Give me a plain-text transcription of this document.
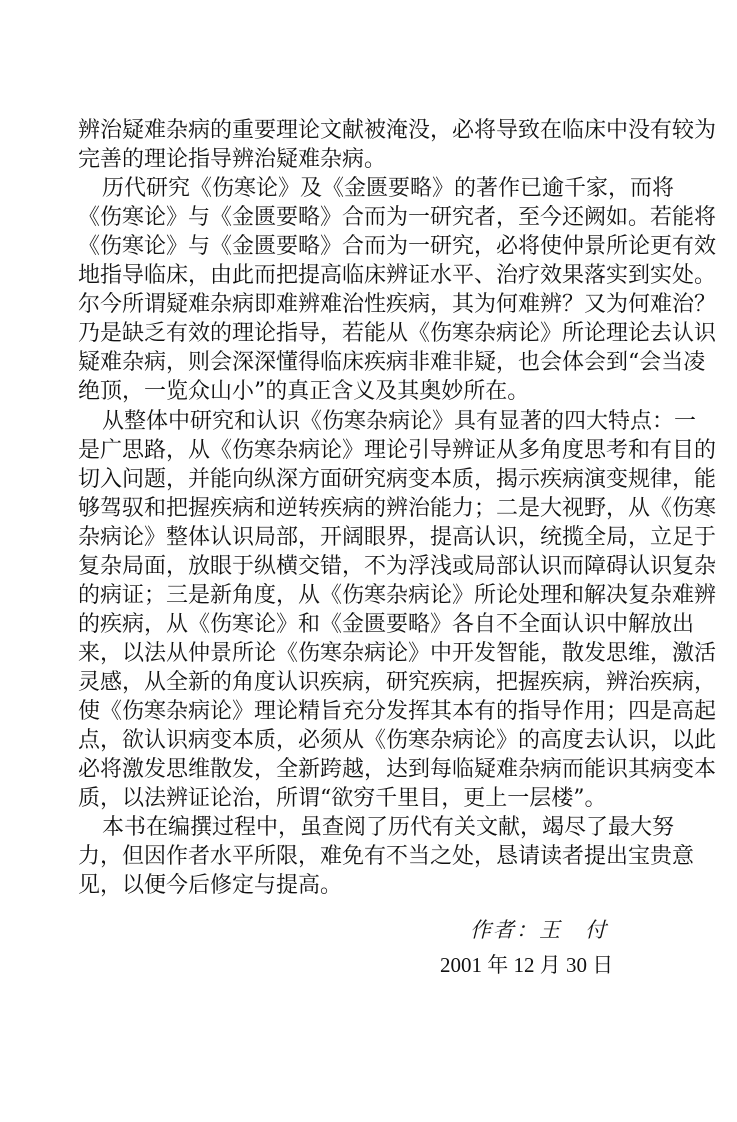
辨治疑难杂病的重要理论文献被淹没，必将导致在临床中没有较为
完善的理论指导辨治疑难杂病。
历代研究《伤寒论》及《金匮要略》的著作已逾千家，而将
《伤寒论》与《金匮要略》合而为一研究者，至今还阙如。若能将
《伤寒论》与《金匮要略》合而为一研究，必将使仲景所论更有效
地指导临床，由此而把提高临床辨证水平、治疗效果落实到实处。
尔今所谓疑难杂病即难辨难治性疾病，其为何难辨？又为何难治？
乃是缺乏有效的理论指导，若能从《伤寒杂病论》所论理论去认识
疑难杂病，则会深深懂得临床疾病非难非疑，也会体会到“会当凌
绝顶，一览众山小”的真正含义及其奥妙所在。
从整体中研究和认识《伤寒杂病论》具有显著的四大特点：一
是广思路，从《伤寒杂病论》理论引导辨证从多角度思考和有目的
切入问题，并能向纵深方面研究病变本质，揭示疾病演变规律，能
够驾驭和把握疾病和逆转疾病的辨治能力；二是大视野，从《伤寒
杂病论》整体认识局部，开阔眼界，提高认识，统揽全局，立足于
复杂局面，放眼于纵横交错，不为浮浅或局部认识而障碍认识复杂
的病证；三是新角度，从《伤寒杂病论》所论处理和解决复杂难辨
的疾病，从《伤寒论》和《金匮要略》各自不全面认识中解放出
来，以法从仲景所论《伤寒杂病论》中开发智能，散发思维，激活
灵感，从全新的角度认识疾病，研究疾病，把握疾病，辨治疾病，
使《伤寒杂病论》理论精旨充分发挥其本有的指导作用；四是高起
点，欲认识病变本质，必须从《伤寒杂病论》的高度去认识，以此
必将激发思维散发，全新跨越，达到每临疑难杂病而能识其病变本
质，以法辨证论治，所谓“欲穷千里目，更上一层楼”。
本书在编撰过程中，虽查阅了历代有关文献，竭尽了最大努
力，但因作者水平所限，难免有不当之处，恳请读者提出宝贵意
见，以便今后修定与提高。
作者：王　付
2001 年 12 月 30 日
